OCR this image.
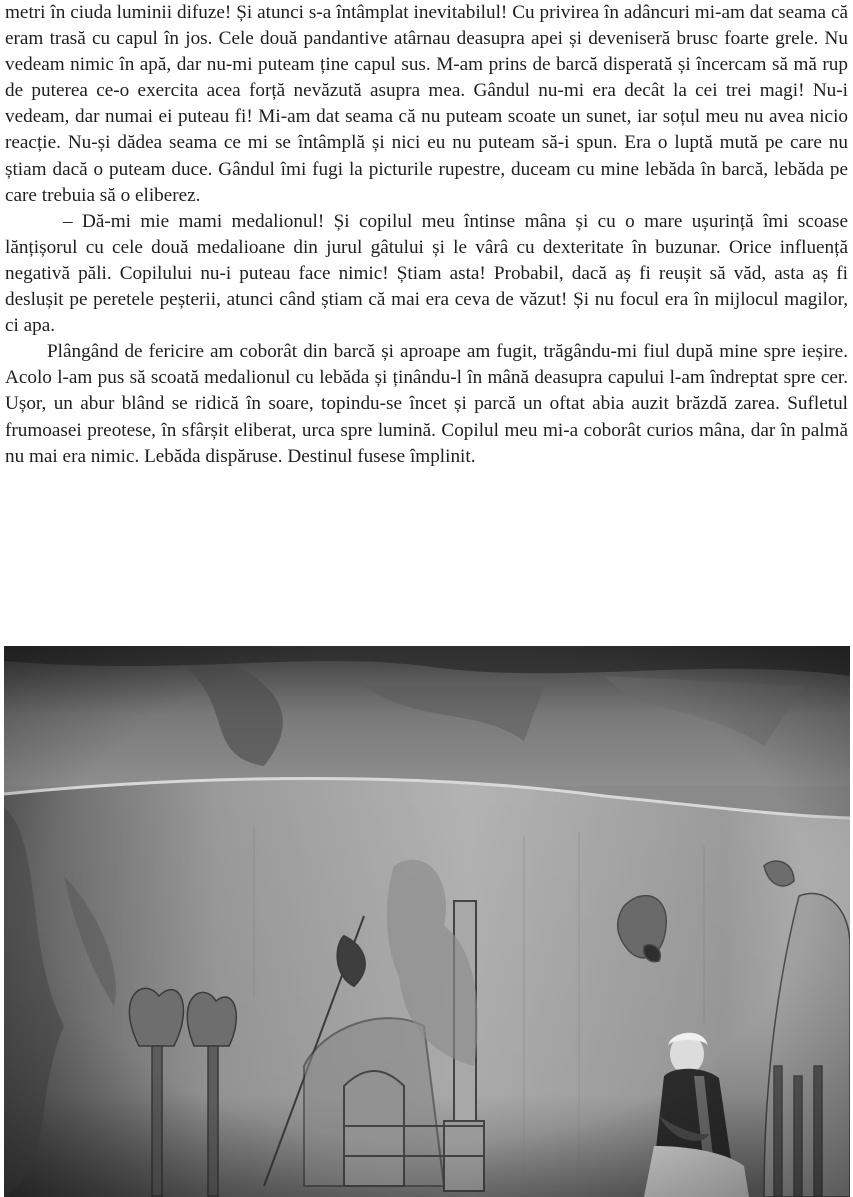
metri în ciuda luminii difuze! Și atunci s-a întâmplat inevitabilul! Cu privirea în adâncuri mi-am dat seama că eram trasă cu capul în jos. Cele două pandantive atârnau deasupra apei și deveniseră brusc foarte grele. Nu vedeam nimic în apă, dar nu-mi puteam ține capul sus. M-am prins de barcă disperată și încercam să mă rup de puterea ce-o exercita acea forță nevăzută asupra mea. Gândul nu-mi era decât la cei trei magi! Nu-i vedeam, dar numai ei puteau fi! Mi-am dat seama că nu puteam scoate un sunet, iar soțul meu nu avea nicio reacție. Nu-și dădea seama ce mi se întâmplă și nici eu nu puteam să-i spun. Era o luptă mută pe care nu știam dacă o puteam duce. Gândul îmi fugi la picturile rupestre, duceam cu mine lebăda în barcă, lebăda pe care trebuia să o eliberez.

– Dă-mi mie mami medalionul! Și copilul meu întinse mâna și cu o mare ușurință îmi scoase lănțișorul cu cele două medalioane din jurul gâtului și le vârâ cu dexteritate în buzunar. Orice influență negativă păli. Copilului nu-i puteau face nimic! Știam asta! Probabil, dacă aș fi reușit să văd, asta aș fi deslușit pe peretele peșterii, atunci când știam că mai era ceva de văzut! Și nu focul era în mijlocul magilor, ci apa.

Plângând de fericire am coborât din barcă și aproape am fugit, trăgându-mi fiul după mine spre ieșire. Acolo l-am pus să scoată medalionul cu lebăda și ținându-l în mână deasupra capului l-am îndreptat spre cer. Ușor, un abur blând se ridică în soare, topindu-se încet și parcă un oftat abia auzit brăzdă zarea. Sufletul frumoasei preotese, în sfârșit eliberat, urca spre lumină. Copilul meu mi-a coborât curios mâna, dar în palmă nu mai era nimic. Lebăda dispăruse. Destinul fusese împlinit.
